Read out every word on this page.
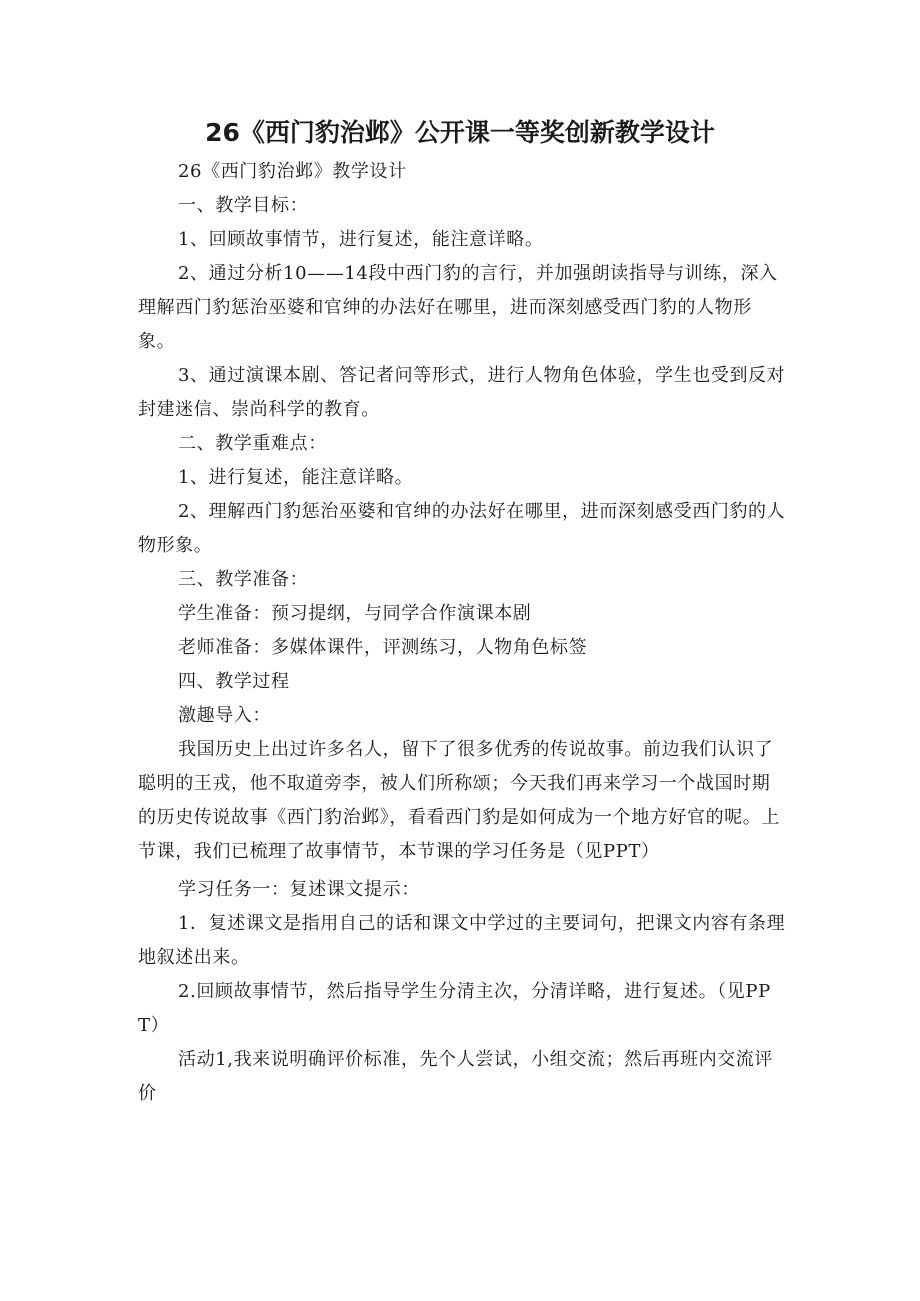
26《西门豹治邺》公开课一等奖创新教学设计

26《西门豹治邺》教学设计

一、教学目标：

1、回顾故事情节，进行复述，能注意详略。

2、通过分析10——14段中西门豹的言行，并加强朗读指导与训练，深入理解西门豹惩治巫婆和官绅的办法好在哪里，进而深刻感受西门豹的人物形象。

3、通过演课本剧、答记者问等形式，进行人物角色体验，学生也受到反对封建迷信、崇尚科学的教育。

二、教学重难点：

1、进行复述，能注意详略。

2、理解西门豹惩治巫婆和官绅的办法好在哪里，进而深刻感受西门豹的人物形象。

三、教学准备：

学生准备：预习提纲，与同学合作演课本剧

老师准备：多媒体课件，评测练习，人物角色标签

四、教学过程

激趣导入：

我国历史上出过许多名人，留下了很多优秀的传说故事。前边我们认识了聪明的王戎，他不取道旁李，被人们所称颂；今天我们再来学习一个战国时期的历史传说故事《西门豹治邺》，看看西门豹是如何成为一个地方好官的呢。上节课，我们已梳理了故事情节，本节课的学习任务是（见PPT）

学习任务一：复述课文提示：

1．复述课文是指用自己的话和课文中学过的主要词句，把课文内容有条理地叙述出来。

2.回顾故事情节，然后指导学生分清主次，分清详略，进行复述。（见PPT）

活动1,我来说明确评价标准，先个人尝试，小组交流；然后再班内交流评价
